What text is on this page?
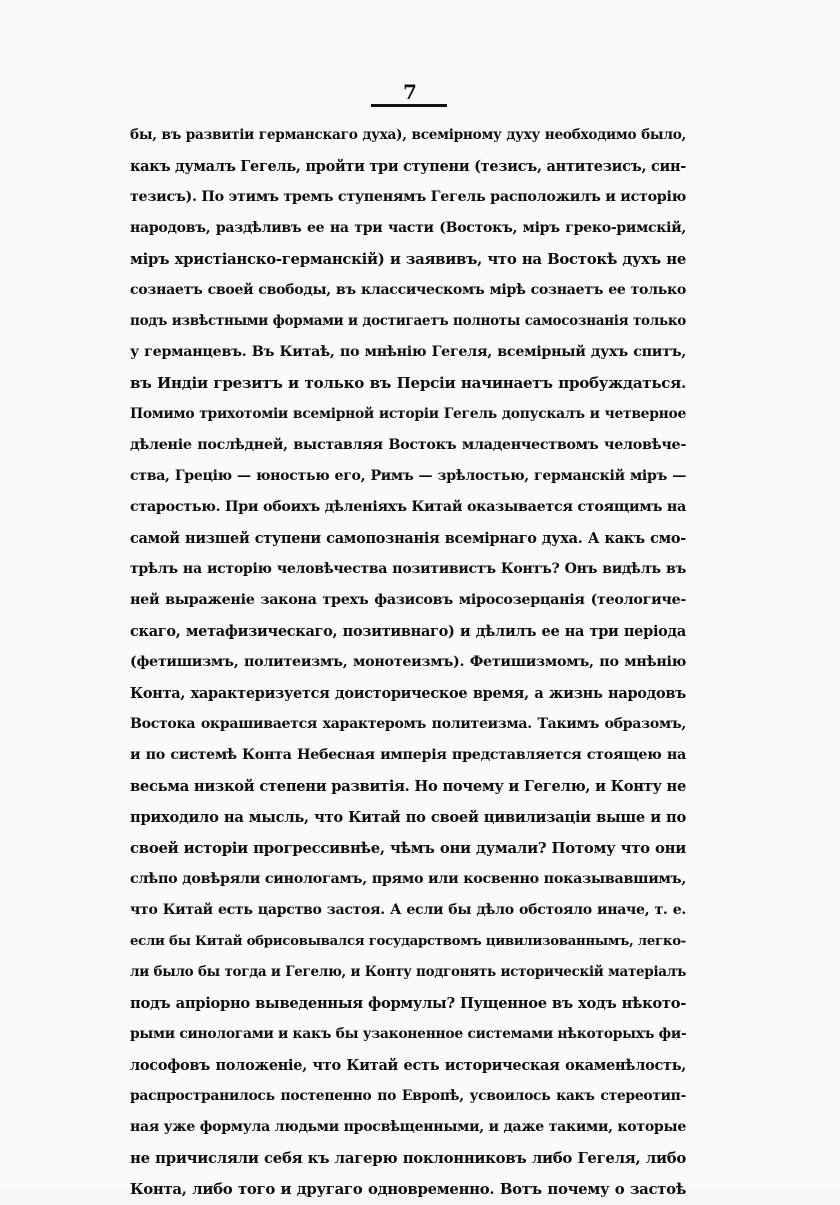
7
бы, въ развитіи германскаго духа), всемірному духу необходимо было,
какъ думалъ Гегель, пройти три ступени (тезисъ, антитезисъ, син-
тезисъ). По этимъ тремъ ступенямъ Гегель расположилъ и исторію
народовъ, раздѣливъ ее на три части (Востокъ, міръ греко-римскій,
міръ христіанско-германскій) и заявивъ, что на Востокѣ духъ не
сознаетъ своей свободы, въ классическомъ мірѣ сознаетъ ее только
подъ извѣстными формами и достигаетъ полноты самосознанія только
у германцевъ. Въ Китаѣ, по мнѣнію Гегеля, всемірный духъ спитъ,
въ Индіи грезитъ и только въ Персіи начинаетъ пробуждаться.
Помимо трихотоміи всемірной исторіи Гегель допускалъ и четверное
дѣленіе послѣдней, выставляя Востокъ младенчествомъ человѣче-
ства, Грецію — юностью его, Римъ — зрѣлостью, германскій міръ —
старостью. При обоихъ дѣленіяхъ Китай оказывается стоящимъ на
самой низшей ступени самопознанія всемірнаго духа. А какъ смо-
трѣлъ на исторію человѣчества позитивистъ Контъ? Онъ видѣлъ въ
ней выраженіе закона трехъ фазисовъ міросозерцанія (теологиче-
скаго, метафизическаго, позитивнаго) и дѣлилъ ее на три періода
(фетишизмъ, политеизмъ, монотеизмъ). Фетишизмомъ, по мнѣнію
Конта, характеризуется доисторическое время, а жизнь народовъ
Востока окрашивается характеромъ политеизма. Такимъ образомъ,
и по системѣ Конта Небесная имперія представляется стоящею на
весьма низкой степени развитія. Но почему и Гегелю, и Конту не
приходило на мысль, что Китай по своей цивилизаціи выше и по
своей исторіи прогрессивнѣе, чѣмъ они думали? Потому что они
слѣпо довѣряли синологамъ, прямо или косвенно показывавшимъ,
что Китай есть царство застоя. А если бы дѣло обстояло иначе, т. е.
если бы Китай обрисовывался государствомъ цивилизованнымъ, легко-
ли было бы тогда и Гегелю, и Конту подгонять историческій матеріалъ
подъ апріорно выведенныя формулы? Пущенное въ ходъ нѣкото-
рыми синологами и какъ бы узаконенное системами нѣкоторыхъ фи-
лософовъ положеніе, что Китай есть историческая окаменѣлость,
распространилось постепенно по Европѣ, усвоилось какъ стереотип-
ная уже формула людьми просвѣщенными, и даже такими, которые
не причисляли себя къ лагерю поклонниковъ либо Гегеля, либо
Конта, либо того и другаго одновременно. Вотъ почему о застоѣ
